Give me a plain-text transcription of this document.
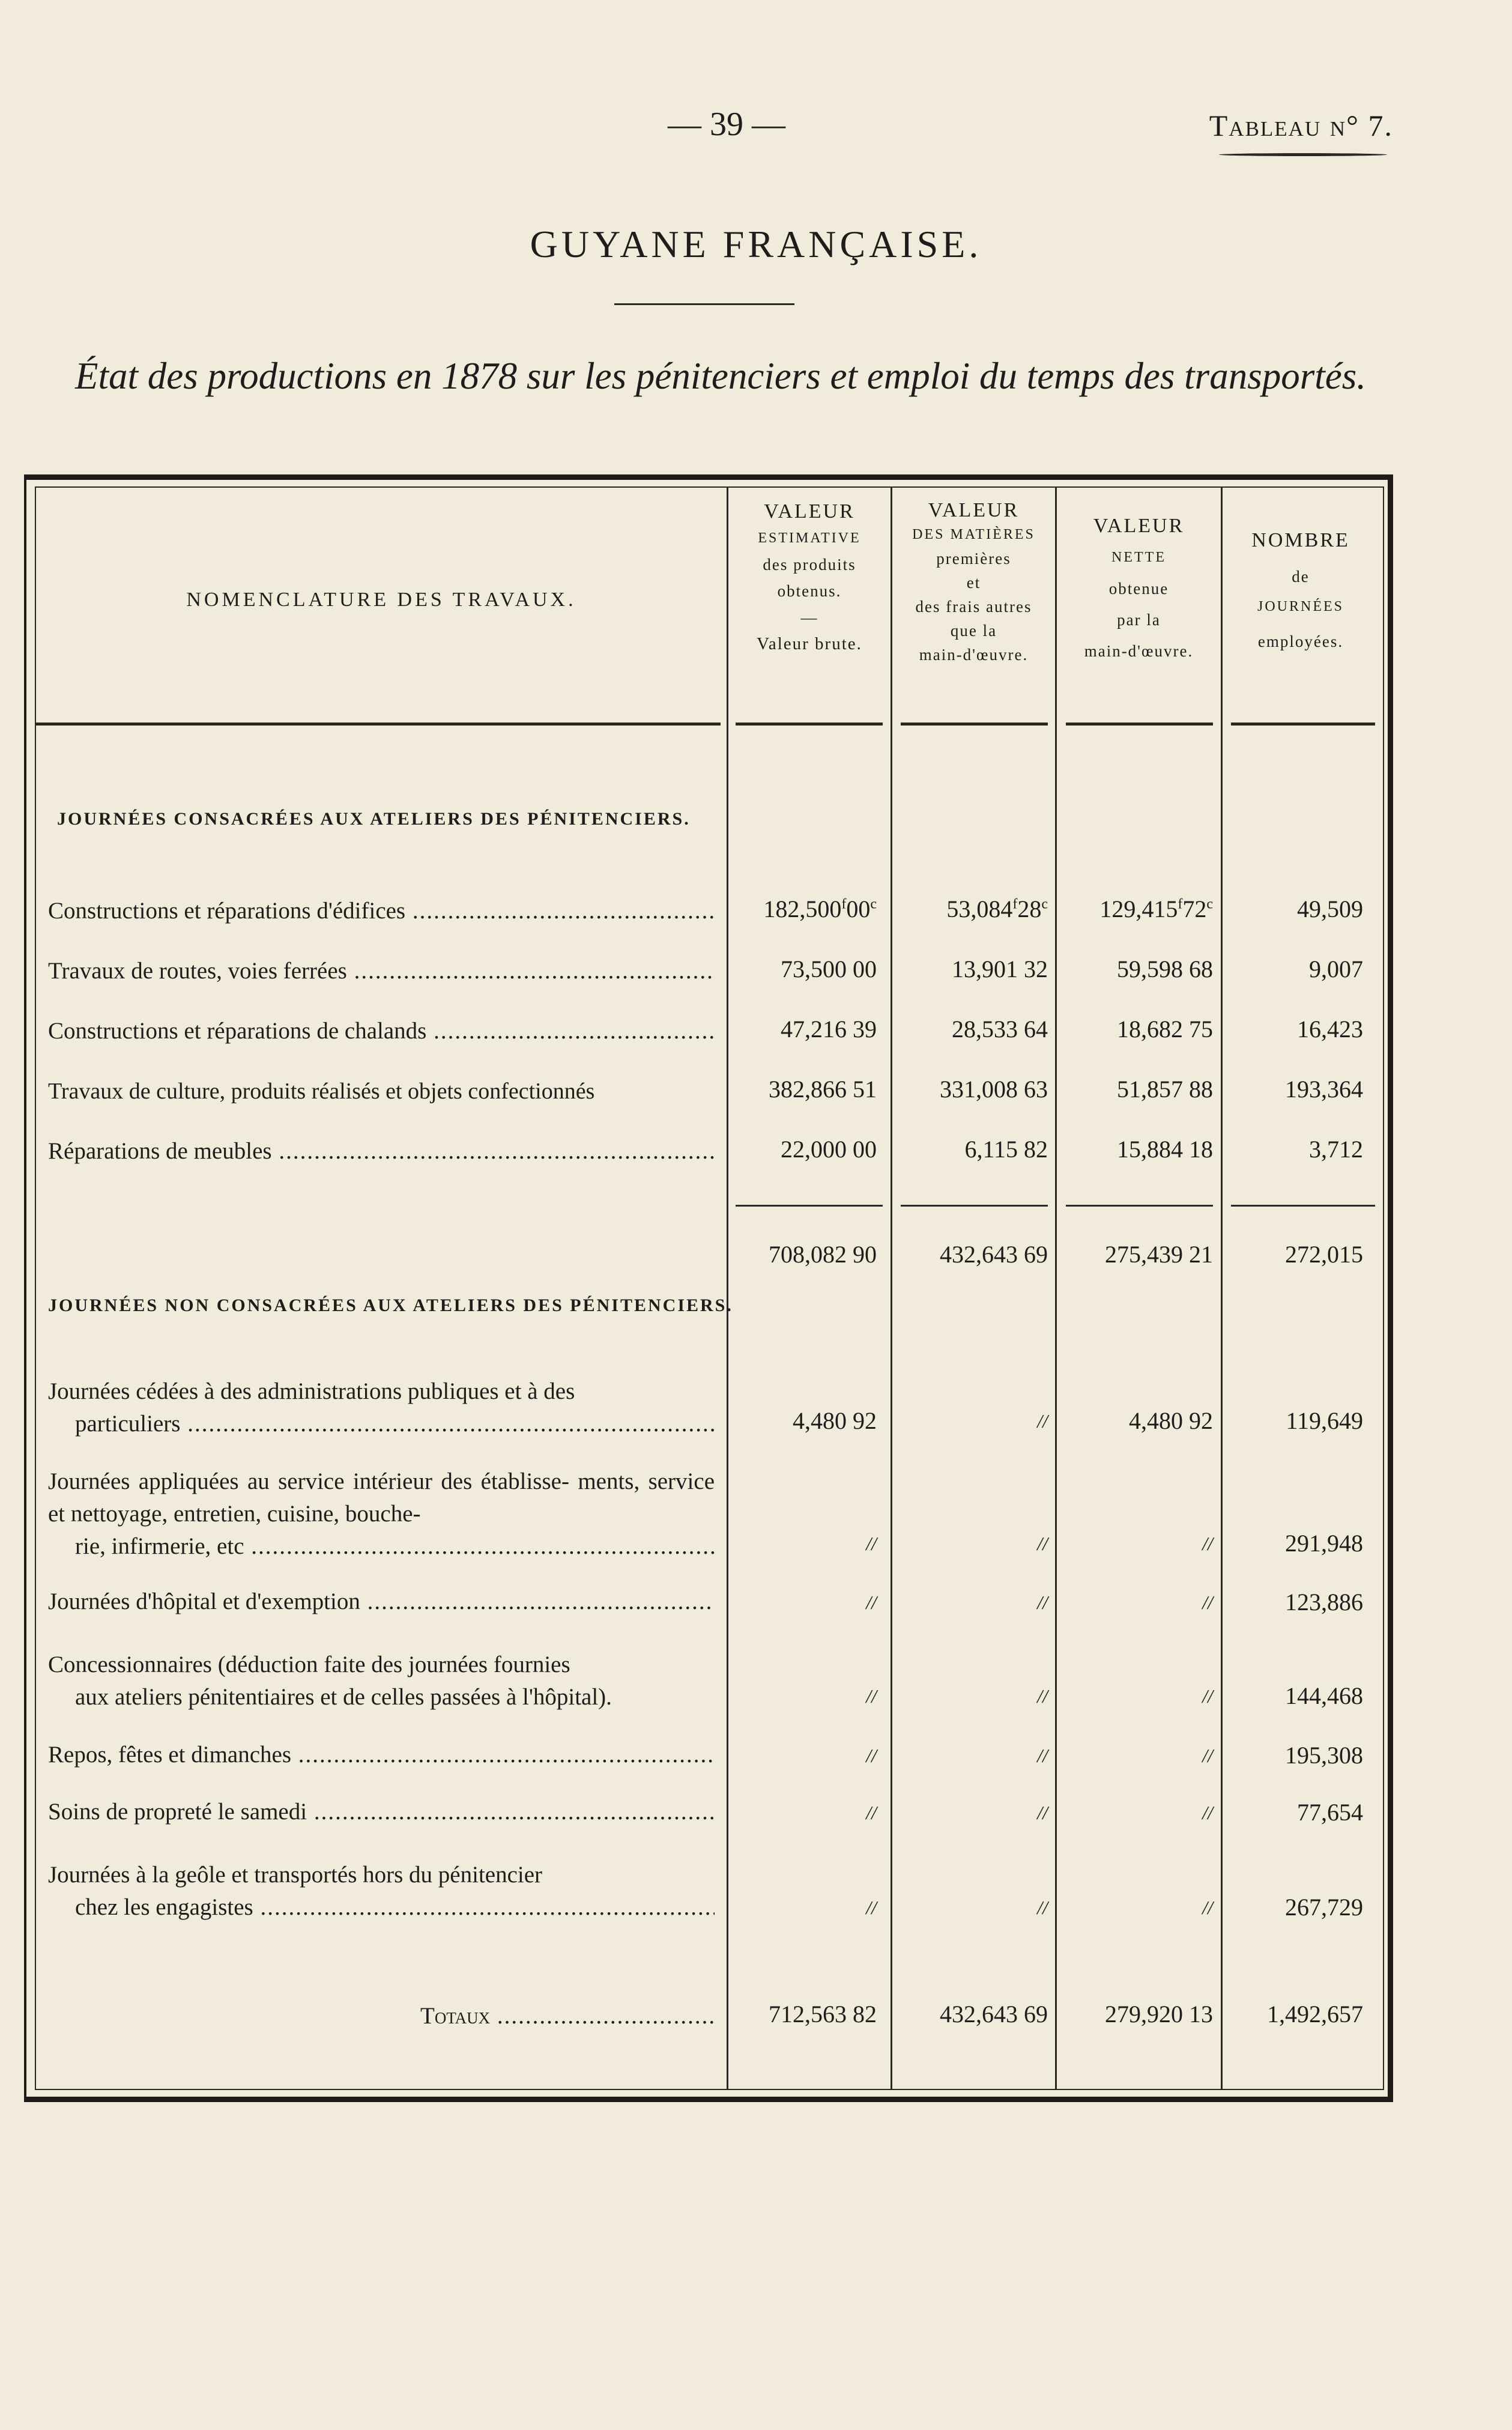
— 39 —	Tableau n° 7.
GUYANE FRANÇAISE.
État des productions en 1878 sur les pénitenciers et emploi du temps des transportés.
NOMENCLATURE DES TRAVAUX.
VALEUR
ESTIMATIVE
des produits
obtenus.
—
Valeur brute.
VALEUR
DES MATIÈRES
premières
et
des frais autres
que la
main-d'œuvre.
VALEUR
NETTE
obtenue
par la
main-d'œuvre.
NOMBRE
de
JOURNÉES
employées.
JOURNÉES CONSACRÉES AUX ATELIERS DES PÉNITENCIERS.
Constructions et réparations d'édifices .....	182,500$^f$00$^c$	53,084$^f$28$^c$	129,415$^f$72$^c$	49,509
Travaux de routes, voies ferrées .....	73,500 00	13,901 32	59,598 68	9,007
Constructions et réparations de chalands .....	47,216 39	28,533 64	18,682 75	16,423
Travaux de culture, produits réalisés et objets confectionnés	382,866 51	331,008 63	51,857 88	193,364
Réparations de meubles .....	22,000 00	6,115 82	15,884 18	3,712
708,082 90	432,643 69	275,439 21	272,015
JOURNÉES NON CONSACRÉES AUX ATELIERS DES PÉNITENCIERS.
Journées cédées à des administrations publiques et à des
particuliers .....	4,480 92	//	4,480 92	119,649
Journées appliquées au service intérieur des établisse- ments, service et nettoyage, entretien, cuisine, bouche-
rie, infirmerie, etc .....	//	//	//	291,948
Journées d'hôpital et d'exemption .....	//	//	//	123,886
Concessionnaires (déduction faite des journées fournies
aux ateliers pénitentiaires et de celles passées à l'hôpital).	//	//	//	144,468
Repos, fêtes et dimanches .....	//	//	//	195,308
Soins de propreté le samedi .....	//	//	//	77,654
Journées à la geôle et transportés hors du pénitencier
chez les engagistes .....	//	//	//	267,729
Totaux .....	712,563 82	432,643 69	279,920 13	1,492,657
